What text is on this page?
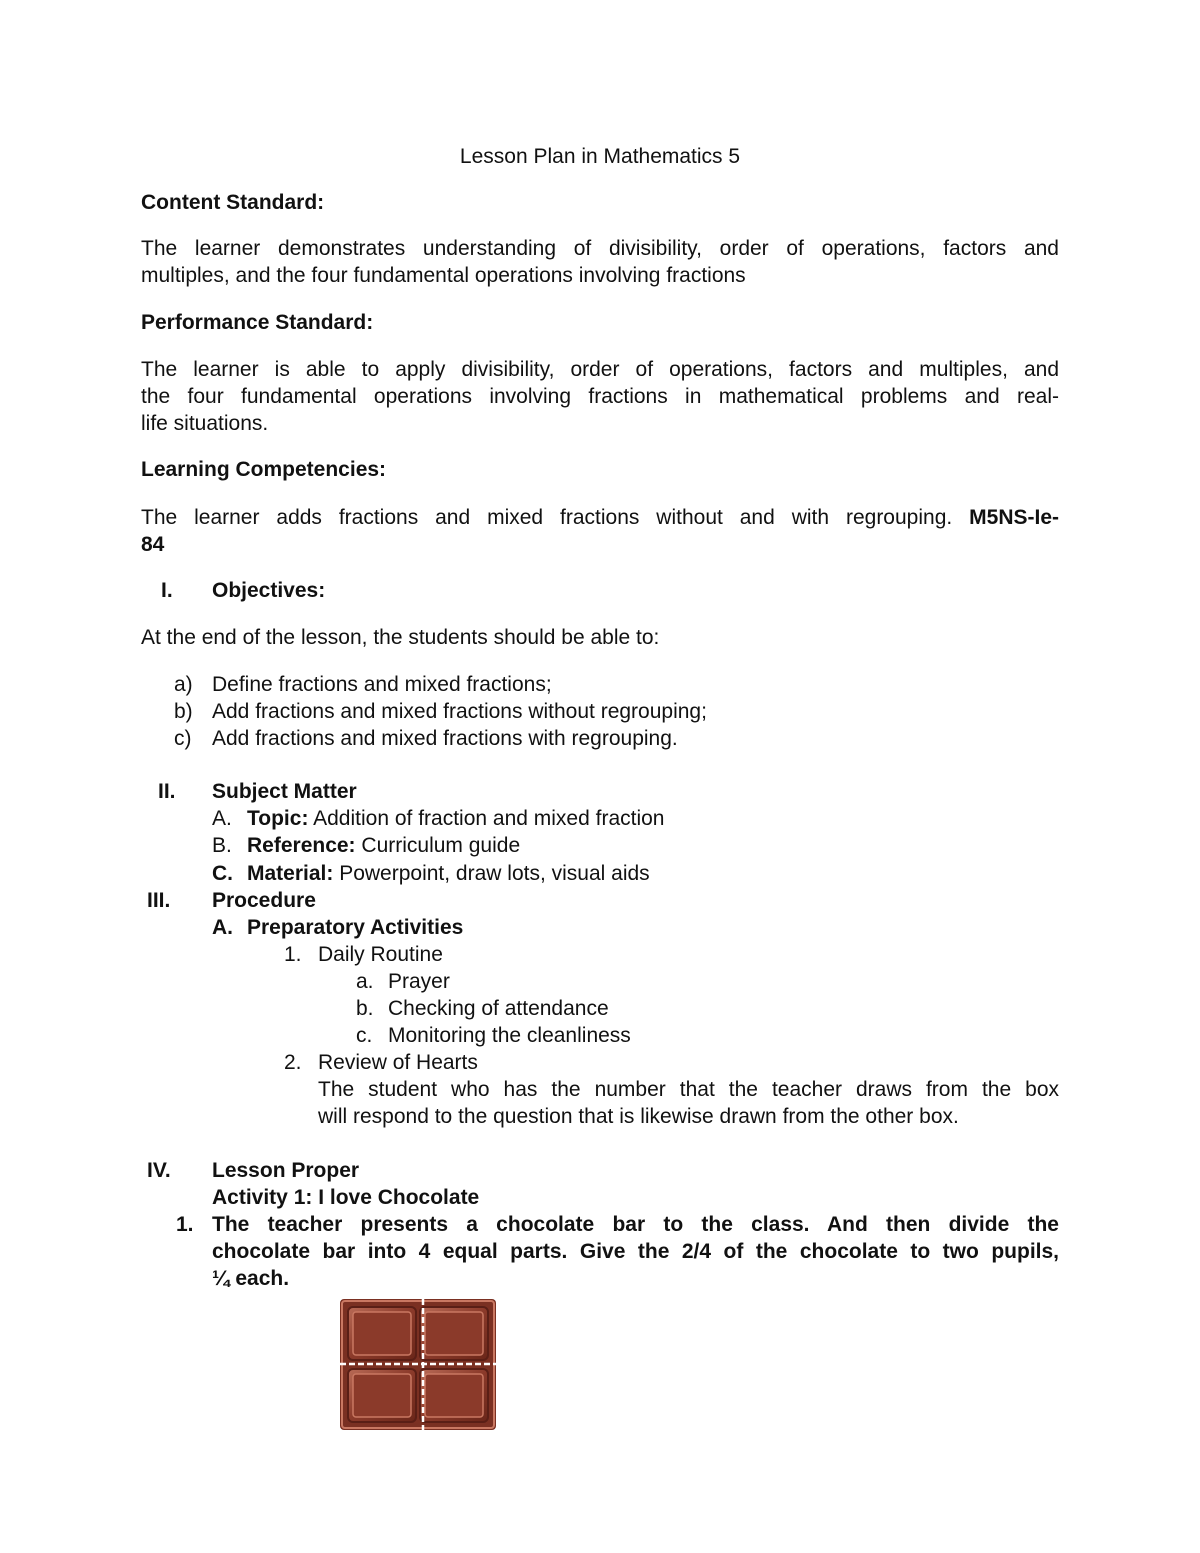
Lesson Plan in Mathematics 5
Content Standard:
The learner demonstrates understanding of divisibility, order of operations, factors and
multiples, and the four fundamental operations involving fractions
Performance Standard:
The learner is able to apply divisibility, order of operations, factors and multiples, and
the four fundamental operations involving fractions in mathematical problems and real-
life situations.
Learning Competencies:
The learner adds fractions and mixed fractions without and with regrouping. M5NS-Ie-
84
I. Objectives:
At the end of the lesson, the students should be able to:
a) Define fractions and mixed fractions;
b) Add fractions and mixed fractions without regrouping;
c) Add fractions and mixed fractions with regrouping.
II. Subject Matter
A. Topic: Addition of fraction and mixed fraction
B. Reference: Curriculum guide
C. Material: Powerpoint, draw lots, visual aids
III. Procedure
A. Preparatory Activities
1. Daily Routine
a. Prayer
b. Checking of attendance
c. Monitoring the cleanliness
2. Review of Hearts
The student who has the number that the teacher draws from the box
will respond to the question that is likewise drawn from the other box.
IV. Lesson Proper
Activity 1: I love Chocolate
1. The teacher presents a chocolate bar to the class. And then divide the
chocolate bar into 4 equal parts. Give the 2/4 of the chocolate to two pupils,
¼ each.
